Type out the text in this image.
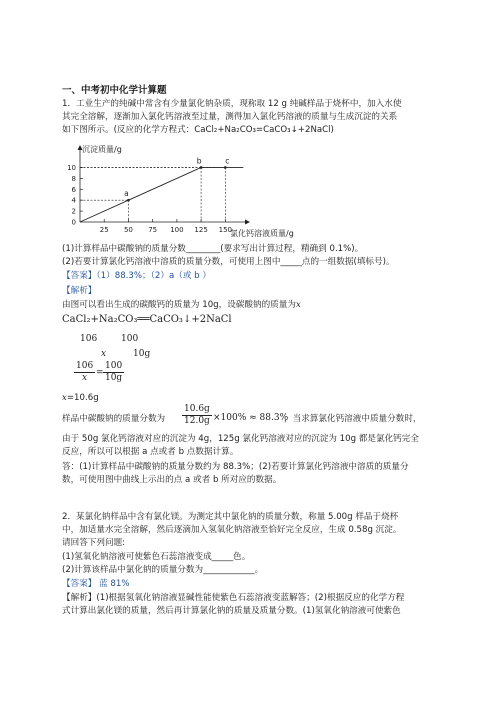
一、中考初中化学计算题
1．工业生产的纯碱中常含有少量氯化钠杂质，现称取 12 g 纯碱样品于烧杯中，加入水使
其完全溶解，逐渐加入氯化钙溶液至过量，测得加入氯化钙溶液的质量与生成沉淀的关系
如下图所示。(反应的化学方程式：CaCl₂+Na₂CO₃=CaCO₃↓+2NaCl)
沉淀质量/g
氯化钙溶液质量/g
0
2
4
6
8
10
25 50 75 100 125 150
a
b	c
(1)计算样品中碳酸钠的质量分数________(要求写出计算过程，精确到 0.1%)。
(2)若要计算氯化钙溶液中溶质的质量分数，可使用上图中_____点的一组数据(填标号)。
【答案】（1）88.3%；（2）a（或 b ）
【解析】
由图可以看出生成的碳酸钙的质量为 10g，设碳酸钠的质量为x
CaCl₂+Na₂CO₃══CaCO₃↓+2NaCl
106	100
x	10g
$\frac{106}{x} = \frac{100}{10g}$
x=10.6g
样品中碳酸钠的质量分数为 $\frac{10.6g}{12.0g} \times 100\% \approx 88.3\%$
，当求算氯化钙溶液中质量分数时，
由于 50g 氯化钙溶液对应的沉淀为 4g，125g 氯化钙溶液对应的沉淀为 10g 都是氯化钙完全
反应，所以可以根据 a 点或者 b 点数据计算。
答：(1)计算样品中碳酸钠的质量分数约为 88.3%；(2)若要计算氯化钙溶液中溶质的质量分
数，可使用图中曲线上示出的点 a 或者 b 所对应的数据。
2．某氯化钠样品中含有氯化镁。为测定其中氯化钠的质量分数，称量 5.00g 样品于烧杯
中，加适量水完全溶解，然后逐滴加入氢氧化钠溶液至恰好完全反应，生成 0.58g 沉淀。
请回答下列问题:
(1)氢氧化钠溶液可使紫色石蕊溶液变成_____色。
(2)计算该样品中氯化钠的质量分数为____________。
【答案】 蓝 81%
【解析】(1)根据氢氧化钠溶液显碱性能使紫色石蕊溶液变蓝解答；(2)根据反应的化学方程
式计算出氯化镁的质量，然后再计算氯化钠的质量及质量分数。(1)氢氧化钠溶液可使紫色
